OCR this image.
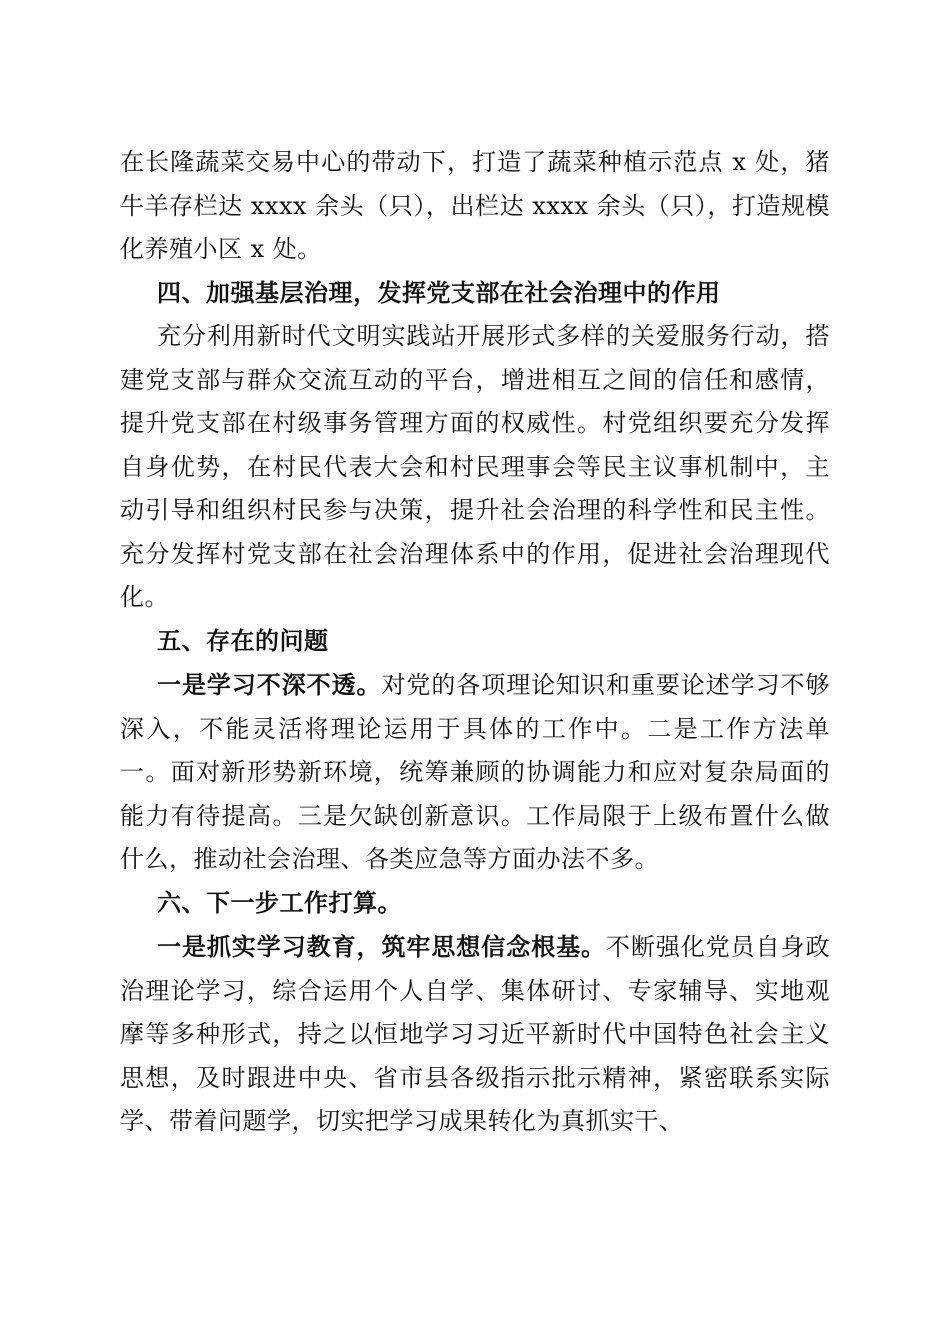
在长隆蔬菜交易中心的带动下，打造了蔬菜种植示范点 x 处，猪牛羊存栏达 xxxx 余头（只），出栏达 xxxx 余头（只），打造规模化养殖小区 x 处。

四、加强基层治理，发挥党支部在社会治理中的作用

充分利用新时代文明实践站开展形式多样的关爱服务行动，搭建党支部与群众交流互动的平台，增进相互之间的信任和感情，提升党支部在村级事务管理方面的权威性。村党组织要充分发挥自身优势，在村民代表大会和村民理事会等民主议事机制中，主动引导和组织村民参与决策，提升社会治理的科学性和民主性。充分发挥村党支部在社会治理体系中的作用，促进社会治理现代化。

五、存在的问题

一是学习不深不透。对党的各项理论知识和重要论述学习不够深入，不能灵活将理论运用于具体的工作中。二是工作方法单一。面对新形势新环境，统筹兼顾的协调能力和应对复杂局面的能力有待提高。三是欠缺创新意识。工作局限于上级布置什么做什么，推动社会治理、各类应急等方面办法不多。

六、下一步工作打算。

一是抓实学习教育，筑牢思想信念根基。不断强化党员自身政治理论学习，综合运用个人自学、集体研讨、专家辅导、实地观摩等多种形式，持之以恒地学习习近平新时代中国特色社会主义思想，及时跟进中央、省市县各级指示批示精神，紧密联系实际学、带着问题学，切实把学习成果转化为真抓实干、
